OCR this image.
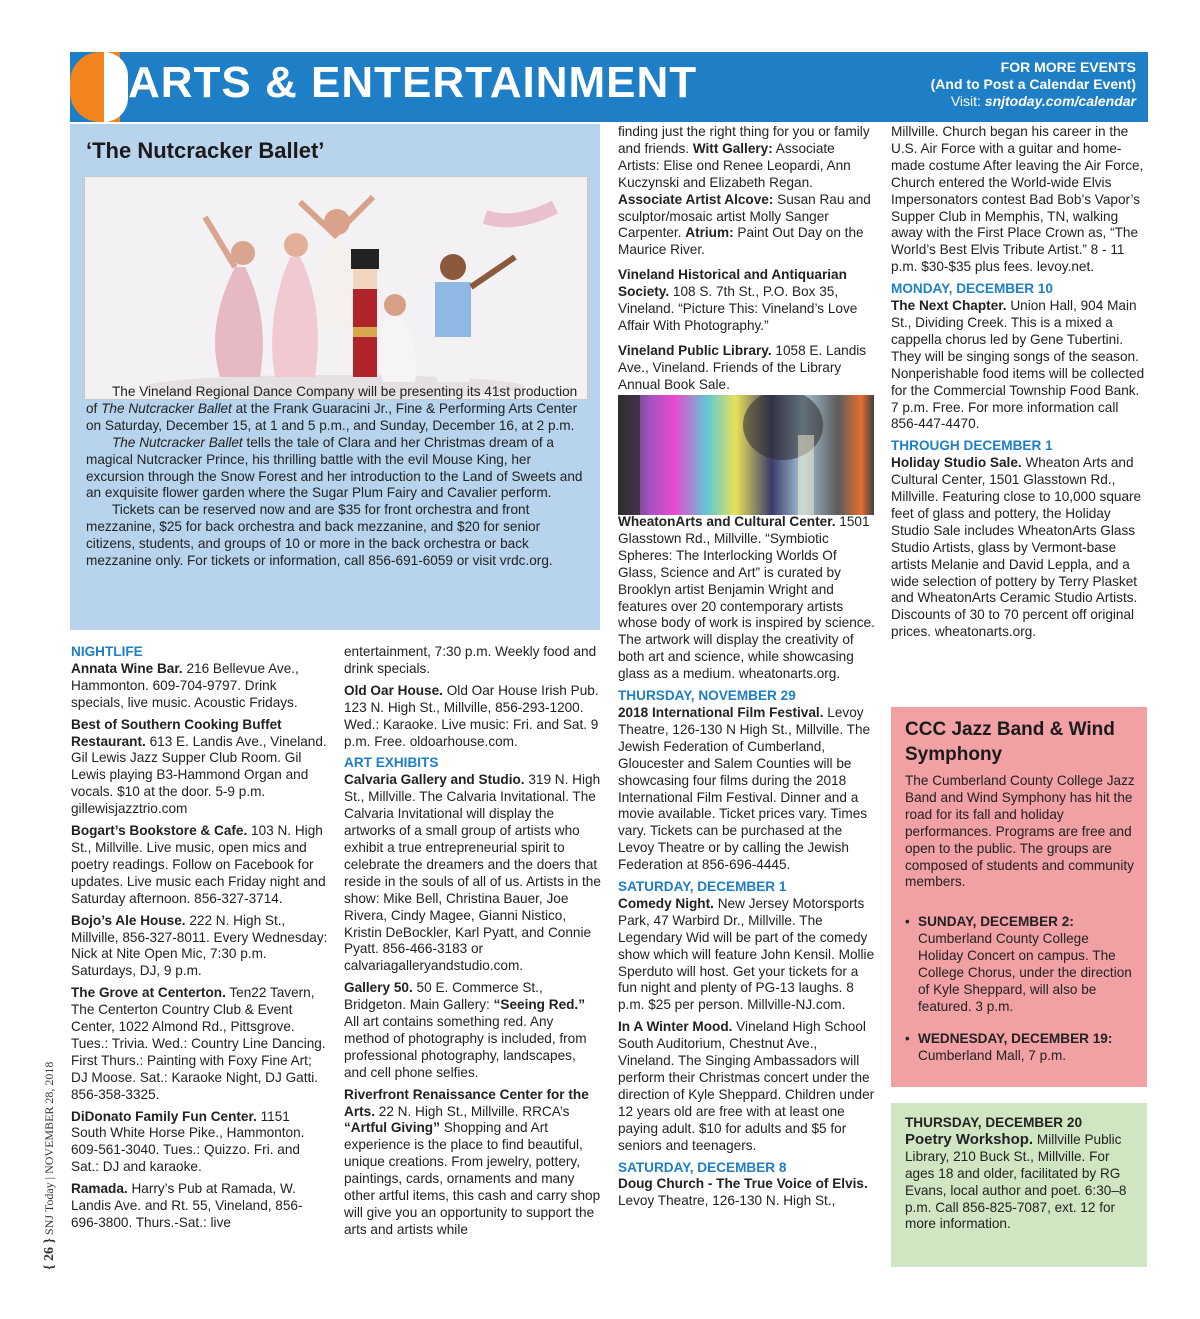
ARTS & ENTERTAINMENT	FOR MORE EVENTS
(And to Post a Calendar Event)
Visit: snjtoday.com/calendar
‘The Nutcracker Ballet’

The Vineland Regional Dance Company will be presenting its 41st production of The Nutcracker Ballet at the Frank Guaracini Jr., Fine & Performing Arts Center on Saturday, December 15, at 1 and 5 p.m., and Sunday, December 16, at 2 p.m.

The Nutcracker Ballet tells the tale of Clara and her Christmas dream of a magical Nutcracker Prince, his thrilling battle with the evil Mouse King, her excursion through the Snow Forest and her introduction to the Land of Sweets and an exquisite flower garden where the Sugar Plum Fairy and Cavalier perform.

Tickets can be reserved now and are $35 for front orchestra and front mezzanine, $25 for back orchestra and back mezzanine, and $20 for senior citizens, students, and groups of 10 or more in the back orchestra or back mezzanine only. For tickets or information, call 856-691-6059 or visit vrdc.org.

NIGHTLIFE

Annata Wine Bar. 216 Bellevue Ave., Hammonton. 609-704-9797. Drink specials, live music. Acoustic Fridays.

Best of Southern Cooking Buffet Restaurant. 613 E. Landis Ave., Vineland. Gil Lewis Jazz Supper Club Room. Gil Lewis playing B3-Hammond Organ and vocals. $10 at the door. 5-9 p.m. gillewisjazztrio.com

Bogart’s Bookstore & Cafe. 103 N. High St., Millville. Live music, open mics and poetry readings. Follow on Facebook for updates. Live music each Friday night and Saturday afternoon. 856-327-3714.

Bojo’s Ale House. 222 N. High St., Millville, 856-327-8011. Every Wednesday: Nick at Nite Open Mic, 7:30 p.m. Saturdays, DJ, 9 p.m.

The Grove at Centerton. Ten22 Tavern, The Centerton Country Club & Event Center, 1022 Almond Rd., Pittsgrove. Tues.: Trivia. Wed.: Country Line Dancing. First Thurs.: Painting with Foxy Fine Art; DJ Moose. Sat.: Karaoke Night, DJ Gatti. 856-358-3325.

DiDonato Family Fun Center. 1151 South White Horse Pike., Hammonton. 609-561-3040. Tues.: Quizzo. Fri. and Sat.: DJ and karaoke.

Ramada. Harry’s Pub at Ramada, W. Landis Ave. and Rt. 55, Vineland, 856-696-3800. Thurs.-Sat.: live

entertainment, 7:30 p.m. Weekly food and drink specials.

Old Oar House. Old Oar House Irish Pub. 123 N. High St., Millville, 856-293-1200. Wed.: Karaoke. Live music: Fri. and Sat. 9 p.m. Free. oldoarhouse.com.

ART EXHIBITS

Calvaria Gallery and Studio. 319 N. High St., Millville. The Calvaria Invitational. The Calvaria Invitational will display the artworks of a small group of artists who exhibit a true entrepreneurial spirit to celebrate the dreamers and the doers that reside in the souls of all of us. Artists in the show: Mike Bell, Christina Bauer, Joe Rivera, Cindy Magee, Gianni Nistico, Kristin DeBockler, Karl Pyatt, and Connie Pyatt. 856-466-3183 or calvariagalleryandstudio.com.

Gallery 50. 50 E. Commerce St., Bridgeton. Main Gallery: “Seeing Red.” All art contains something red. Any method of photography is included, from professional photography, landscapes, and cell phone selfies.

Riverfront Renaissance Center for the Arts. 22 N. High St., Millville. RRCA’s “Artful Giving” Shopping and Art experience is the place to find beautiful, unique creations. From jewelry, pottery, paintings, cards, ornaments and many other artful items, this cash and carry shop will give you an opportunity to support the arts and artists while

finding just the right thing for you or family and friends. Witt Gallery: Associate Artists: Elise ond Renee Leopardi, Ann Kuczynski and Elizabeth Regan. Associate Artist Alcove: Susan Rau and sculptor/mosaic artist Molly Sanger Carpenter. Atrium: Paint Out Day on the Maurice River.

Vineland Historical and Antiquarian Society. 108 S. 7th St., P.O. Box 35, Vineland. “Picture This: Vineland’s Love Affair With Photography.”

Vineland Public Library. 1058 E. Landis Ave., Vineland. Friends of the Library Annual Book Sale.

WheatonArts and Cultural Center. 1501 Glasstown Rd., Millville. “Symbiotic Spheres: The Interlocking Worlds Of Glass, Science and Art” is curated by Brooklyn artist Benjamin Wright and features over 20 contemporary artists whose body of work is inspired by science. The artwork will display the creativity of both art and science, while showcasing glass as a medium. wheatonarts.org.

THURSDAY, NOVEMBER 29

2018 International Film Festival. Levoy Theatre, 126-130 N High St., Millville. The Jewish Federation of Cumberland, Gloucester and Salem Counties will be showcasing four films during the 2018 International Film Festival. Dinner and a movie available. Ticket prices vary. Times vary. Tickets can be purchased at the Levoy Theatre or by calling the Jewish Federation at 856-696-4445.

SATURDAY, DECEMBER 1

Comedy Night. New Jersey Motorsports Park, 47 Warbird Dr., Millville. The Legendary Wid will be part of the comedy show which will feature John Kensil. Mollie Sperduto will host. Get your tickets for a fun night and plenty of PG-13 laughs. 8 p.m. $25 per person. Millville-NJ.com.

In A Winter Mood. Vineland High School South Auditorium, Chestnut Ave., Vineland. The Singing Ambassadors will perform their Christmas concert under the direction of Kyle Sheppard. Children under 12 years old are free with at least one paying adult. $10 for adults and $5 for seniors and teenagers.

SATURDAY, DECEMBER 8

Doug Church - The True Voice of Elvis. Levoy Theatre, 126-130 N. High St.,

Millville. Church began his career in the U.S. Air Force with a guitar and home-made costume After leaving the Air Force, Church entered the World-wide Elvis Impersonators contest Bad Bob’s Vapor’s Supper Club in Memphis, TN, walking away with the First Place Crown as, “The World’s Best Elvis Tribute Artist.” 8 - 11 p.m. $30-$35 plus fees. levoy.net.

MONDAY, DECEMBER 10

The Next Chapter. Union Hall, 904 Main St., Dividing Creek. This is a mixed a cappella chorus led by Gene Tubertini. They will be singing songs of the season. Nonperishable food items will be collected for the Commercial Township Food Bank. 7 p.m. Free. For more information call 856-447-4470.

THROUGH DECEMBER 1

Holiday Studio Sale. Wheaton Arts and Cultural Center, 1501 Glasstown Rd., Millville. Featuring close to 10,000 square feet of glass and pottery, the Holiday Studio Sale includes WheatonArts Glass Studio Artists, glass by Vermont-base artists Melanie and David Leppla, and a wide selection of pottery by Terry Plasket and WheatonArts Ceramic Studio Artists. Discounts of 30 to 70 percent off original prices. wheatonarts.org.

CCC Jazz Band & Wind Symphony

The Cumberland County College Jazz Band and Wind Symphony has hit the road for its fall and holiday performances. Programs are free and open to the public. The groups are composed of students and community members.

• SUNDAY, DECEMBER 2:
Cumberland County College Holiday Concert on campus. The College Chorus, under the direction of Kyle Sheppard, will also be featured. 3 p.m.
• WEDNESDAY, DECEMBER 19:
Cumberland Mall, 7 p.m.
THURSDAY, DECEMBER 20

Poetry Workshop. Millville Public Library, 210 Buck St., Millville. For ages 18 and older, facilitated by RG Evans, local author and poet. 6:30–8 p.m. Call 856-825-7087, ext. 12 for more information.

{ 26 } SNJ Today | NOVEMBER 28, 2018
